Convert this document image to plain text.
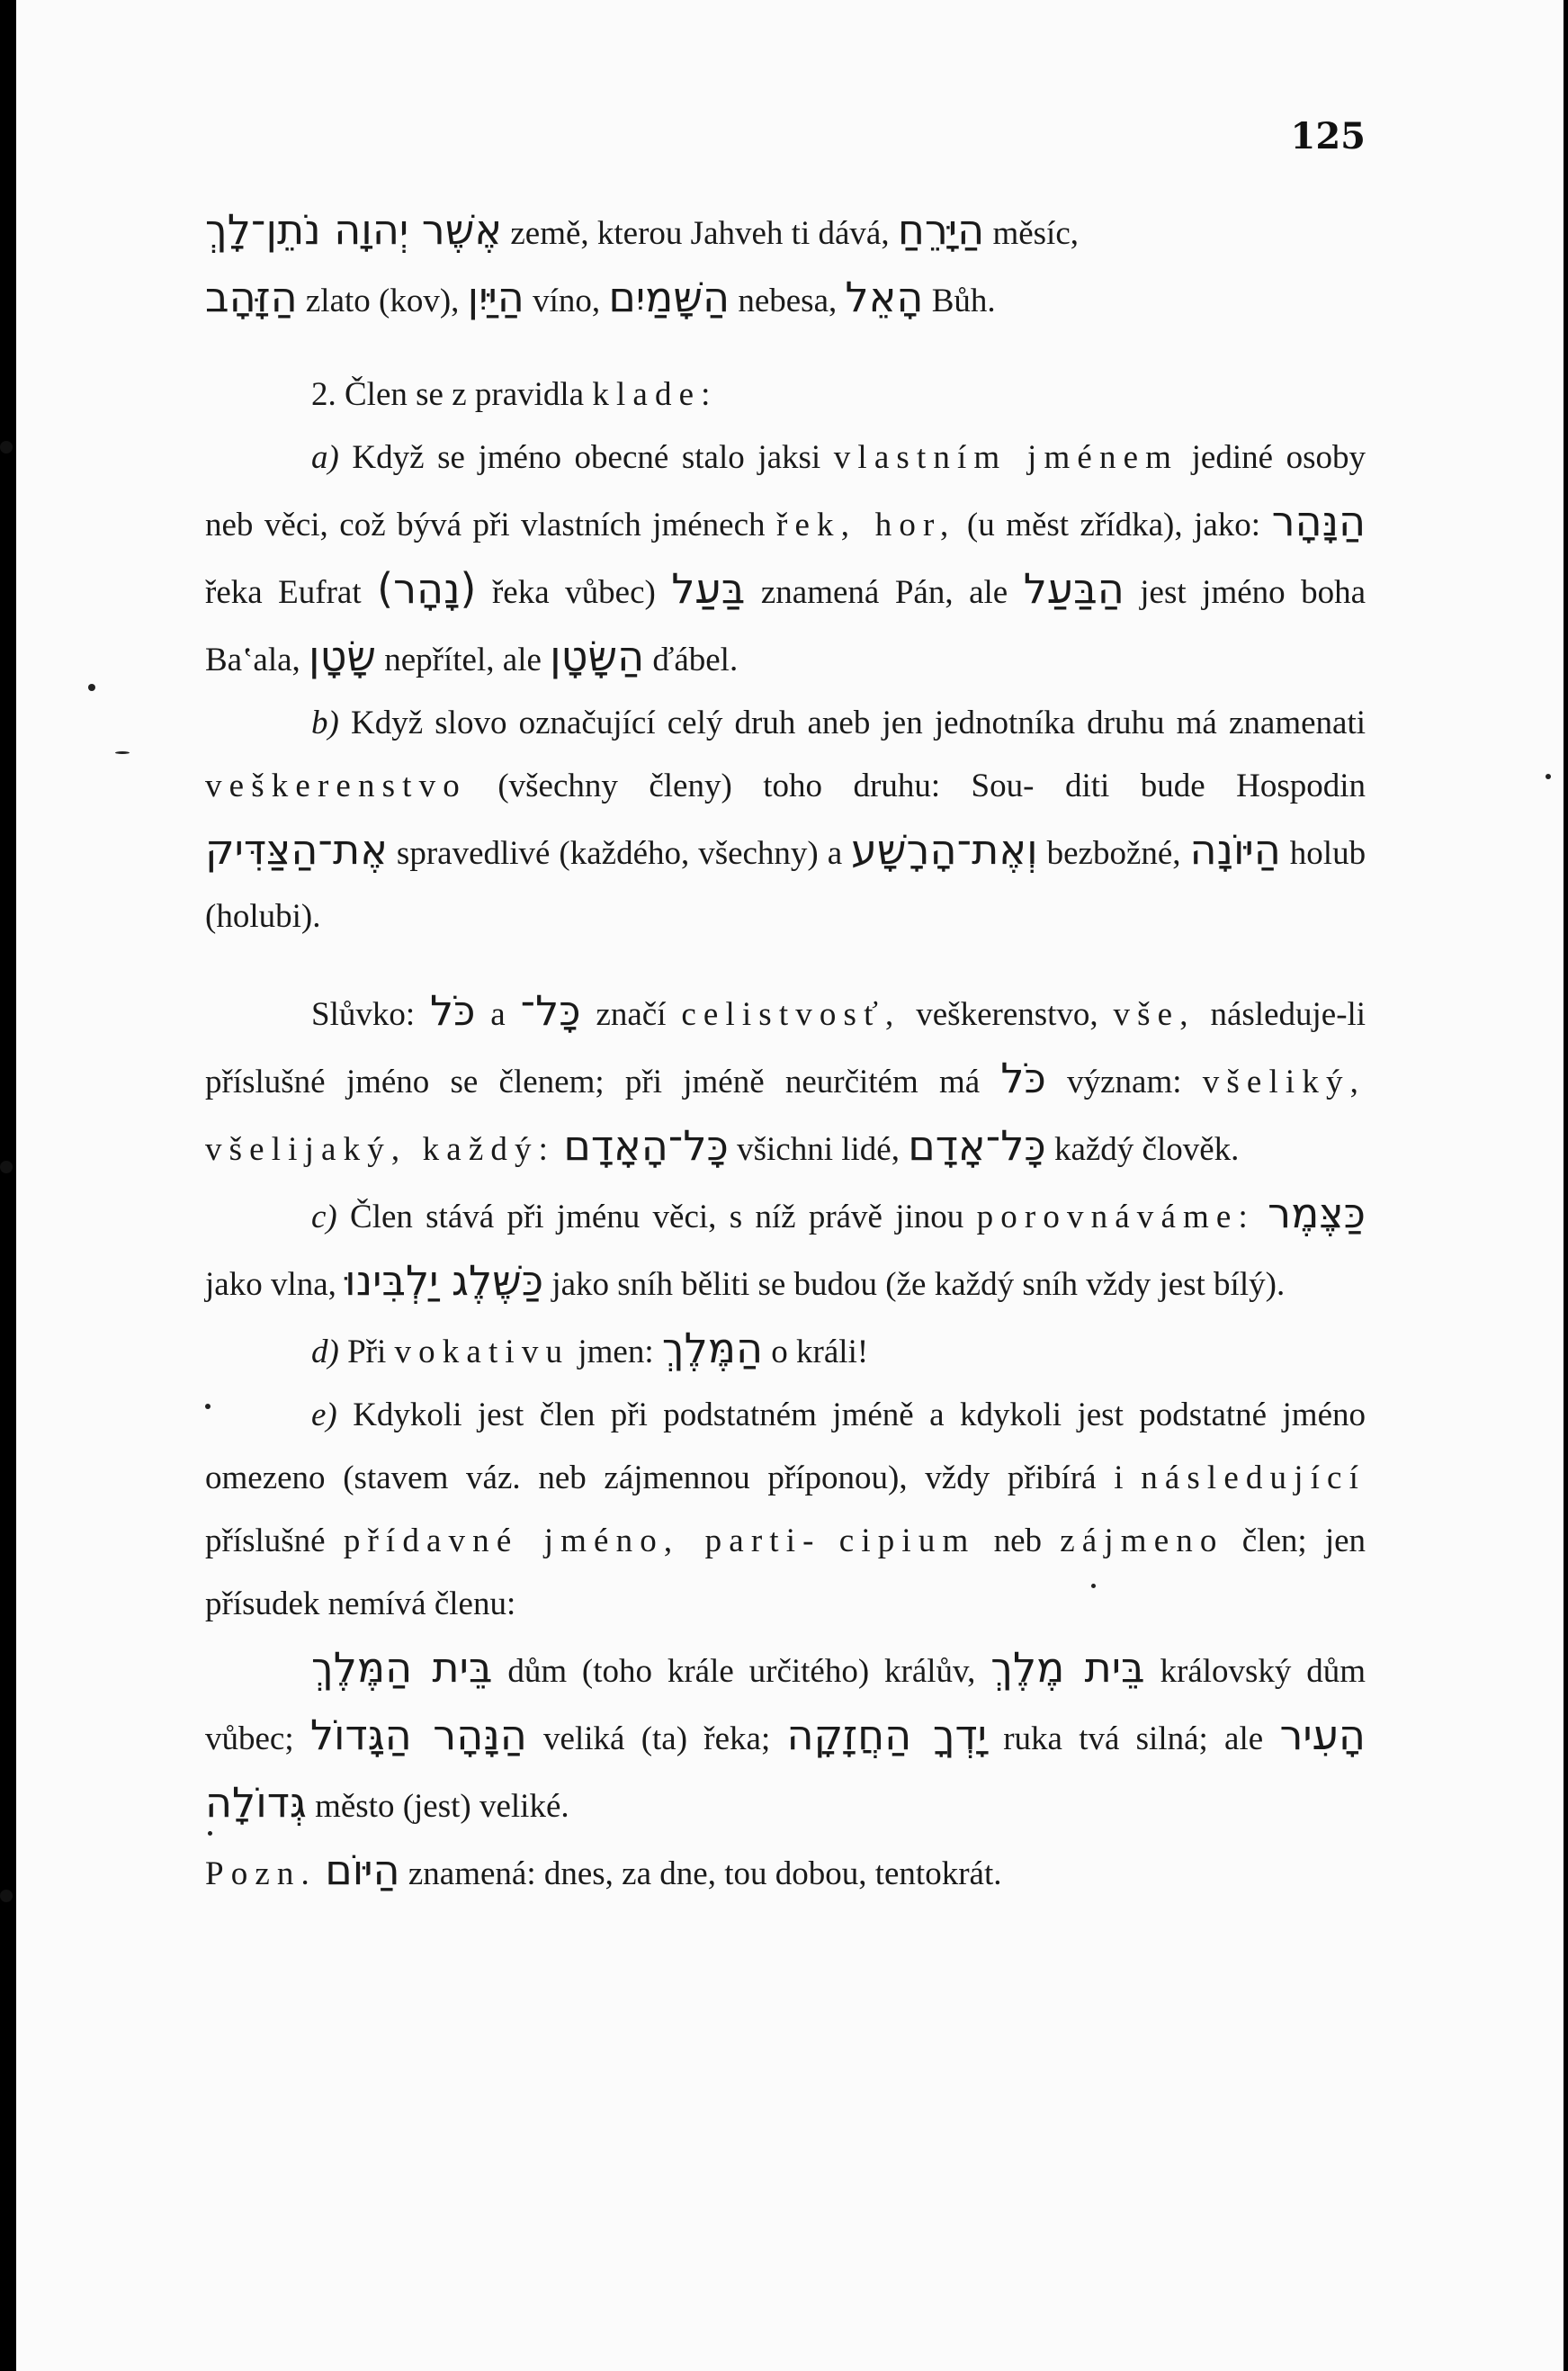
125

אֶשֶׁר יְהוָה נֹתֵן־לָךְ země, kterou Jahveh ti dává, הַיָּרֵחַ měsíc,

הַזָּהָב zlato (kov), הַיַּיִן víno, הַשָּׁמַיִם nebesa, הָאֵל Bůh.

2. Člen se z pravidla klade:

a) Když se jméno obecné stalo jaksi vlastním jménem jediné osoby neb věci, což bývá při vlastních jménech řek, hor, (u měst zřídka), jako: הַנָּהָר řeka Eufrat (נָהָר) řeka vůbec) בַּעַל znamená Pán, ale הַבַּעַל jest jméno boha Ba‛ala, שָׂטָן nepřítel, ale הַשָּׂטָן ďábel.

b) Když slovo označující celý druh aneb jen jednotníka druhu má znamenati veškerenstvo (všechny členy) toho druhu: Sou- diti bude Hospodin אֶת־הַצַּדִּיק spravedlivé (každého, všechny) a וְאֶת־הָרָשָׁע bezbožné, הַיּוֹנָה holub (holubi).

Slůvko: כֹּל a כָּל־ značí celistvosť, veškerenstvo, vše, následuje-li příslušné jméno se členem; při jméně neurčitém má כֹּל význam: všeliký, všelijaký, každý: כָּל־הָאָדָם všichni lidé, כָּל־אָדָם každý člověk.

c) Člen stává při jménu věci, s níž právě jinou porovnáváme: כַּצֶּמֶר jako vlna, כַּשֶּׁלֶג יַלְבִּינוּ jako sníh běliti se budou (že každý sníh vždy jest bílý).

d) Při vokativu jmen: הַמֶּלֶךְ o králi!

e) Kdykoli jest člen při podstatném jméně a kdykoli jest podstatné jméno omezeno (stavem váz. neb zájmennou příponou), vždy přibírá i následující příslušné přídavné jméno, parti- cipium neb zájmeno člen; jen přísudek nemívá členu:

בֵּית הַמֶּלֶךְ dům (toho krále určitého) králův, בֵּית מֶלֶךְ královský dům vůbec; הַנָּהָר הַגָּדוֹל veliká (ta) řeka; יָדְךָ הַחֲזָקָה ruka tvá silná; ale הָעִיר גְּדוֹלָה město (jest) veliké.

Pozn. הַיּוֹם znamená: dnes, za dne, tou dobou, tentokrát.
